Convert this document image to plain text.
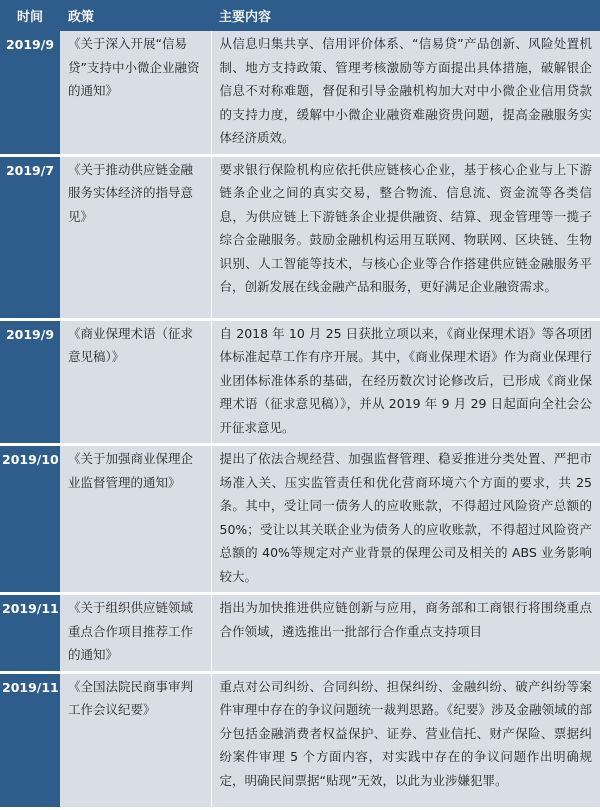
时间	政策	主要内容
2019/9	《关于深入开展“信易贷”支持中小微企业融资的通知》	从信息归集共享、信用评价体系、“信易贷”产品创新、风险处置机制、地方支持政策、管理考核激励等方面提出具体措施，破解银企信息不对称难题，督促和引导金融机构加大对中小微企业信用贷款的支持力度，缓解中小微企业融资难融资贵问题，提高金融服务实体经济质效。
2019/7	《关于推动供应链金融服务实体经济的指导意见》	要求银行保险机构应依托供应链核心企业，基于核心企业与上下游链条企业之间的真实交易，整合物流、信息流、资金流等各类信息，为供应链上下游链条企业提供融资、结算、现金管理等一揽子综合金融服务。鼓励金融机构运用互联网、物联网、区块链、生物识别、人工智能等技术，与核心企业等合作搭建供应链金融服务平台，创新发展在线金融产品和服务，更好满足企业融资需求。
2019/9	《商业保理术语（征求意见稿）》	自 2018 年 10 月 25 日获批立项以来，《商业保理术语》等各项团体标准起草工作有序开展。其中，《商业保理术语》作为商业保理行业团体标准体系的基础，在经历数次讨论修改后，已形成《商业保理术语（征求意见稿）》，并从 2019 年 9 月 29 日起面向全社会公开征求意见。
2019/10	《关于加强商业保理企业监督管理的通知》	提出了依法合规经营、加强监督管理、稳妥推进分类处置、严把市场准入关、压实监管责任和优化营商环境六个方面的要求，共 25 条。其中，受让同一债务人的应收账款，不得超过风险资产总额的 50%；受让以其关联企业为债务人的应收账款，不得超过风险资产总额的 40%等规定对产业背景的保理公司及相关的 ABS 业务影响较大。
2019/11	《关于组织供应链领域重点合作项目推荐工作的通知》	指出为加快推进供应链创新与应用，商务部和工商银行将围绕重点合作领域，遴选推出一批部行合作重点支持项目
2019/11	《全国法院民商事审判工作会议纪要》	重点对公司纠纷、合同纠纷、担保纠纷、金融纠纷、破产纠纷等案件审理中存在的争议问题统一裁判思路。《纪要》涉及金融领域的部分包括金融消费者权益保护、证券、营业信托、财产保险、票据纠纷案件审理 5 个方面内容，对实践中存在的争议问题作出明确规定，明确民间票据“贴现”无效，以此为业涉嫌犯罪。
